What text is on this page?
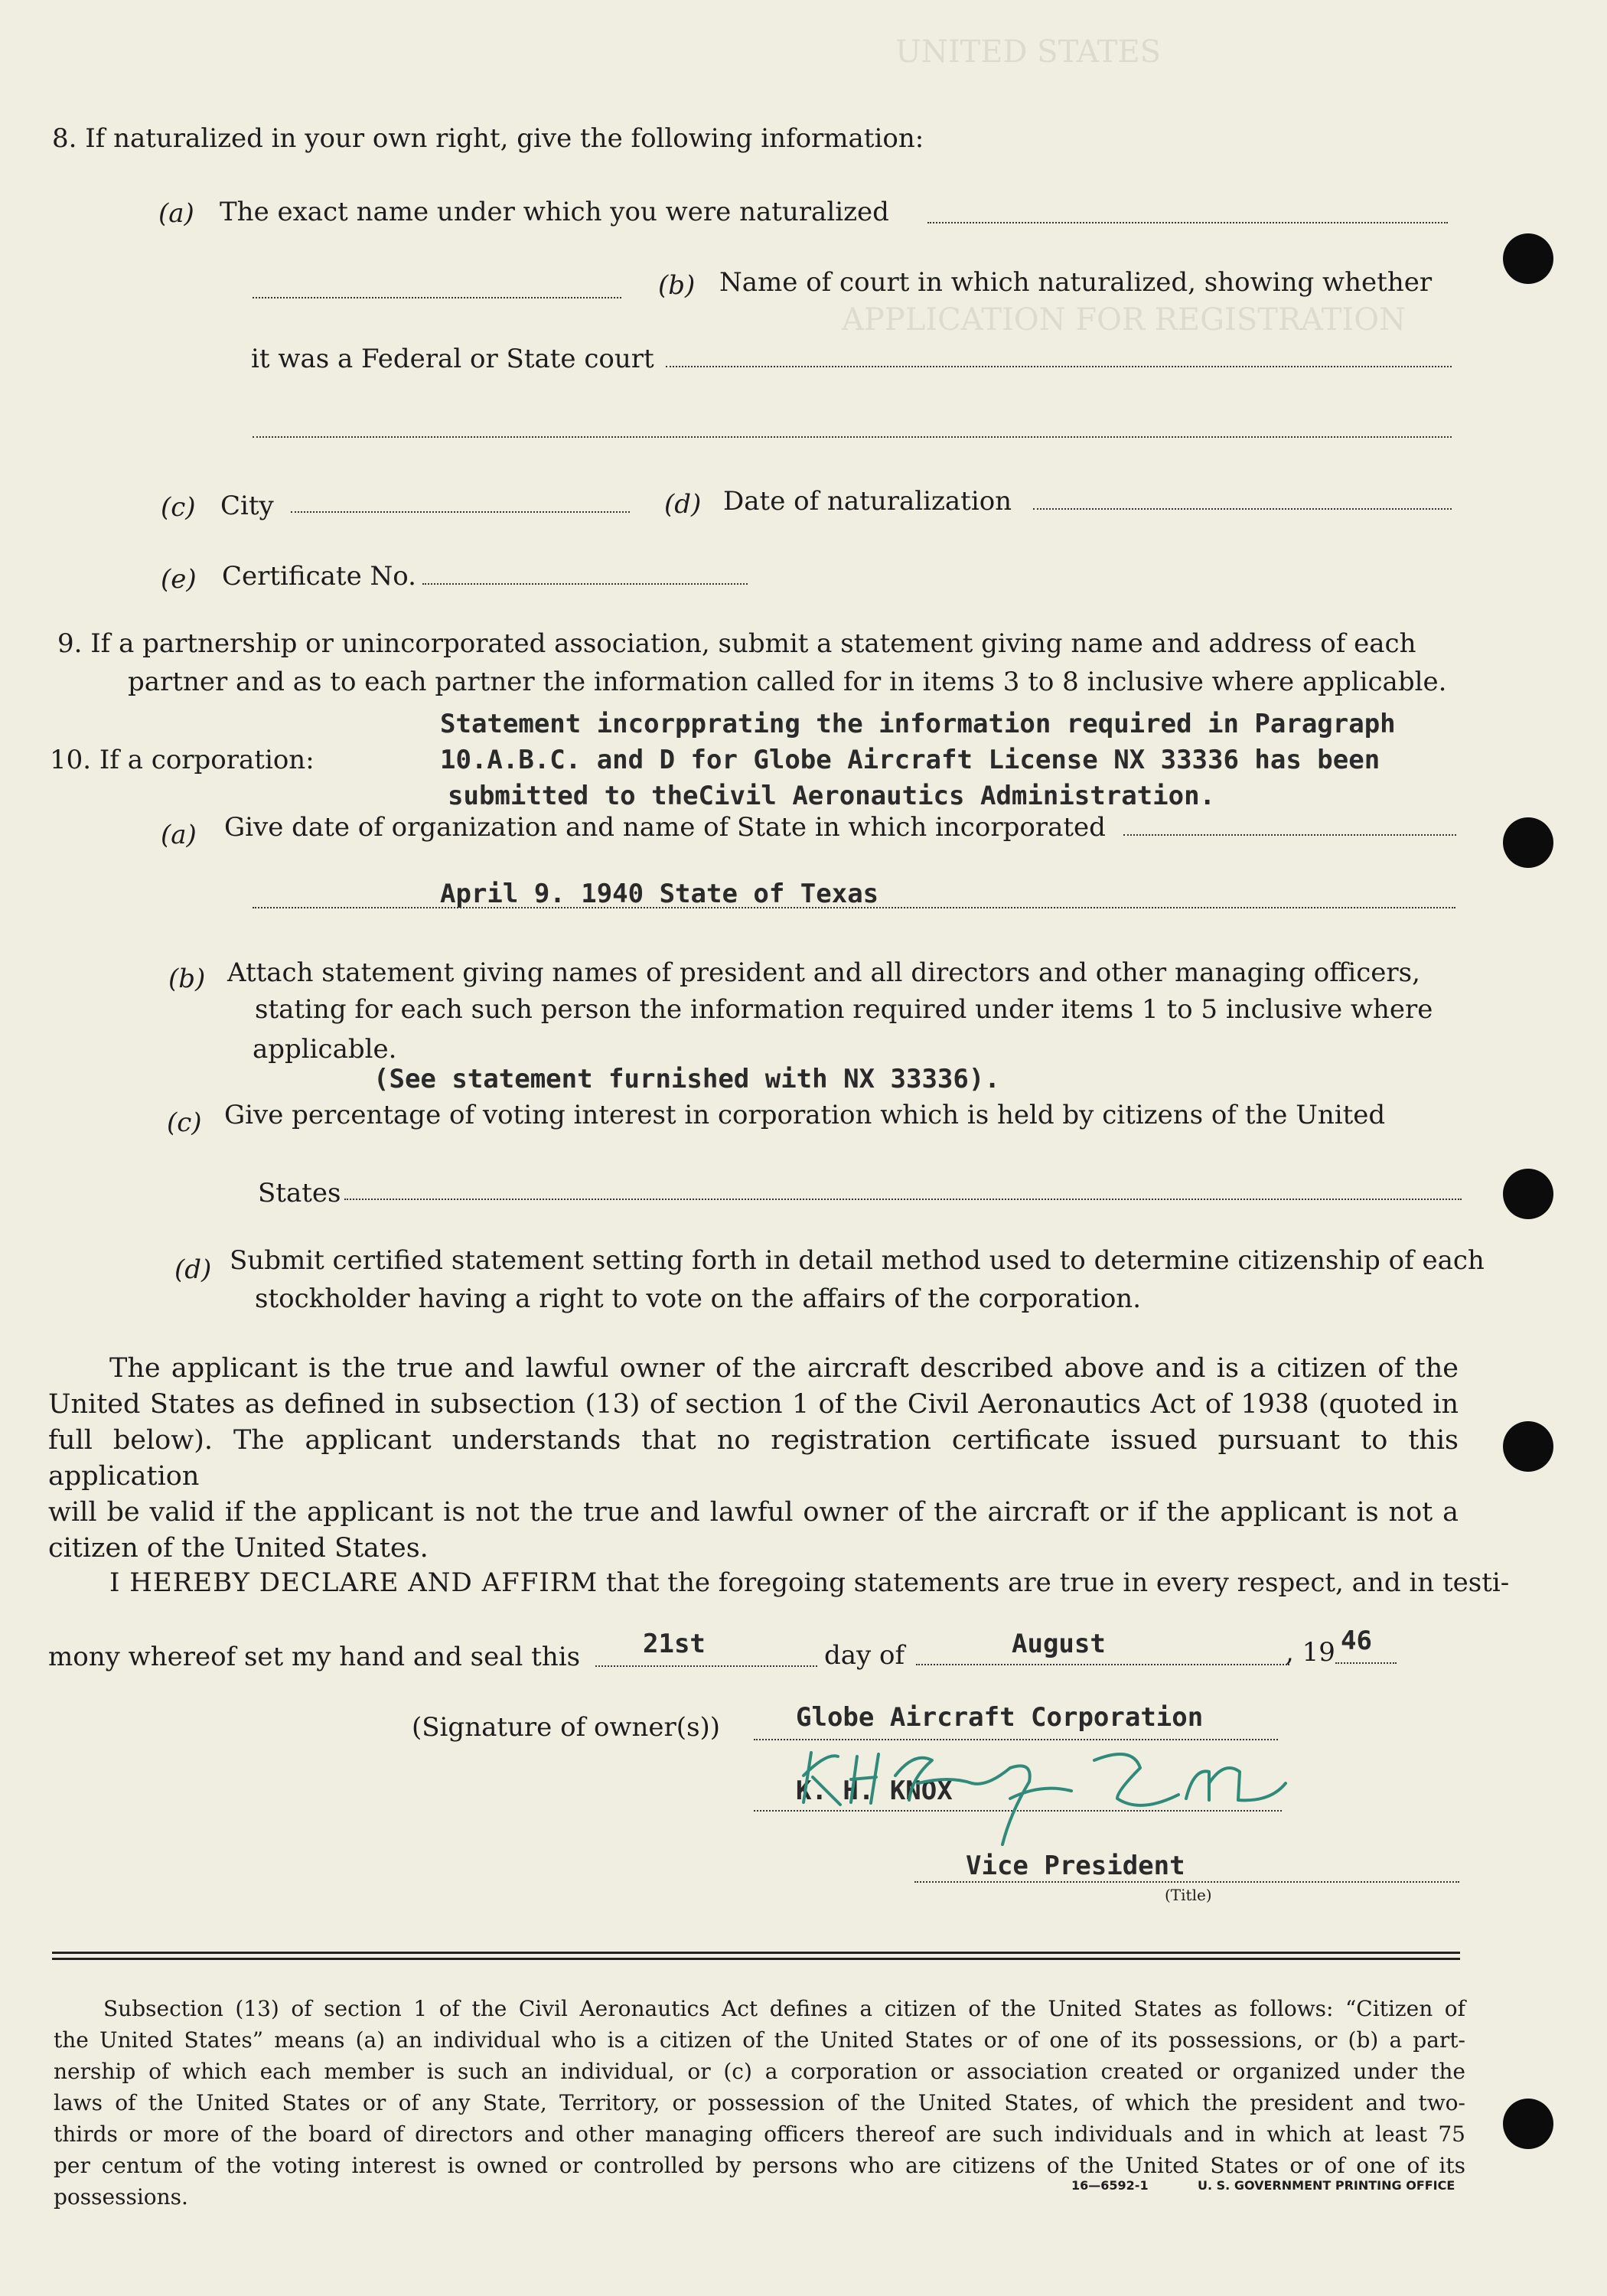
UNITED STATES
APPLICATION FOR REGISTRATION
8. If naturalized in your own right, give the following information:
(a) The exact name under which you were naturalized
(b) Name of court in which naturalized, showing whether
it was a Federal or State court
(c) City	(d) Date of naturalization
(e) Certificate No.
9. If a partnership or unincorporated association, submit a statement giving name and address of each
partner and as to each partner the information called for in items 3 to 8 inclusive where applicable.
10. If a corporation:
Statement incorpprating the information required in Paragraph
10.A.B.C. and D for Globe Aircraft License NX 33336 has been
submitted to theCivil Aeronautics Administration.
(a) Give date of organization and name of State in which incorporated
April 9. 1940 State of Texas
(b) Attach statement giving names of president and all directors and other managing officers,
stating for each such person the information required under items 1 to 5 inclusive where
applicable.
(See statement furnished with NX 33336).
(c) Give percentage of voting interest in corporation which is held by citizens of the United
States
(d) Submit certified statement setting forth in detail method used to determine citizenship of each
stockholder having a right to vote on the affairs of the corporation.
The applicant is the true and lawful owner of the aircraft described above and is a citizen of the
United States as defined in subsection (13) of section 1 of the Civil Aeronautics Act of 1938 (quoted in
full below). The applicant understands that no registration certificate issued pursuant to this application
will be valid if the applicant is not the true and lawful owner of the aircraft or if the applicant is not a
citizen of the United States.
I HEREBY DECLARE AND AFFIRM that the foregoing statements are true in every respect, and in testi-
mony whereof set my hand and seal this 21st	day of	August	, 19 46
(Signature of owner(s))	Globe Aircraft Corporation
K. H. KNOX
Vice President
(Title)
Subsection (13) of section 1 of the Civil Aeronautics Act defines a citizen of the United States as follows: “Citizen of
the United States” means (a) an individual who is a citizen of the United States or of one of its possessions, or (b) a part-
nership of which each member is such an individual, or (c) a corporation or association created or organized under the
laws of the United States or of any State, Territory, or possession of the United States, of which the president and two-
thirds or more of the board of directors and other managing officers thereof are such individuals and in which at least 75
per centum of the voting interest is owned or controlled by persons who are citizens of the United States or of one of its
possessions.	16—6592-1	U. S. GOVERNMENT PRINTING OFFICE
